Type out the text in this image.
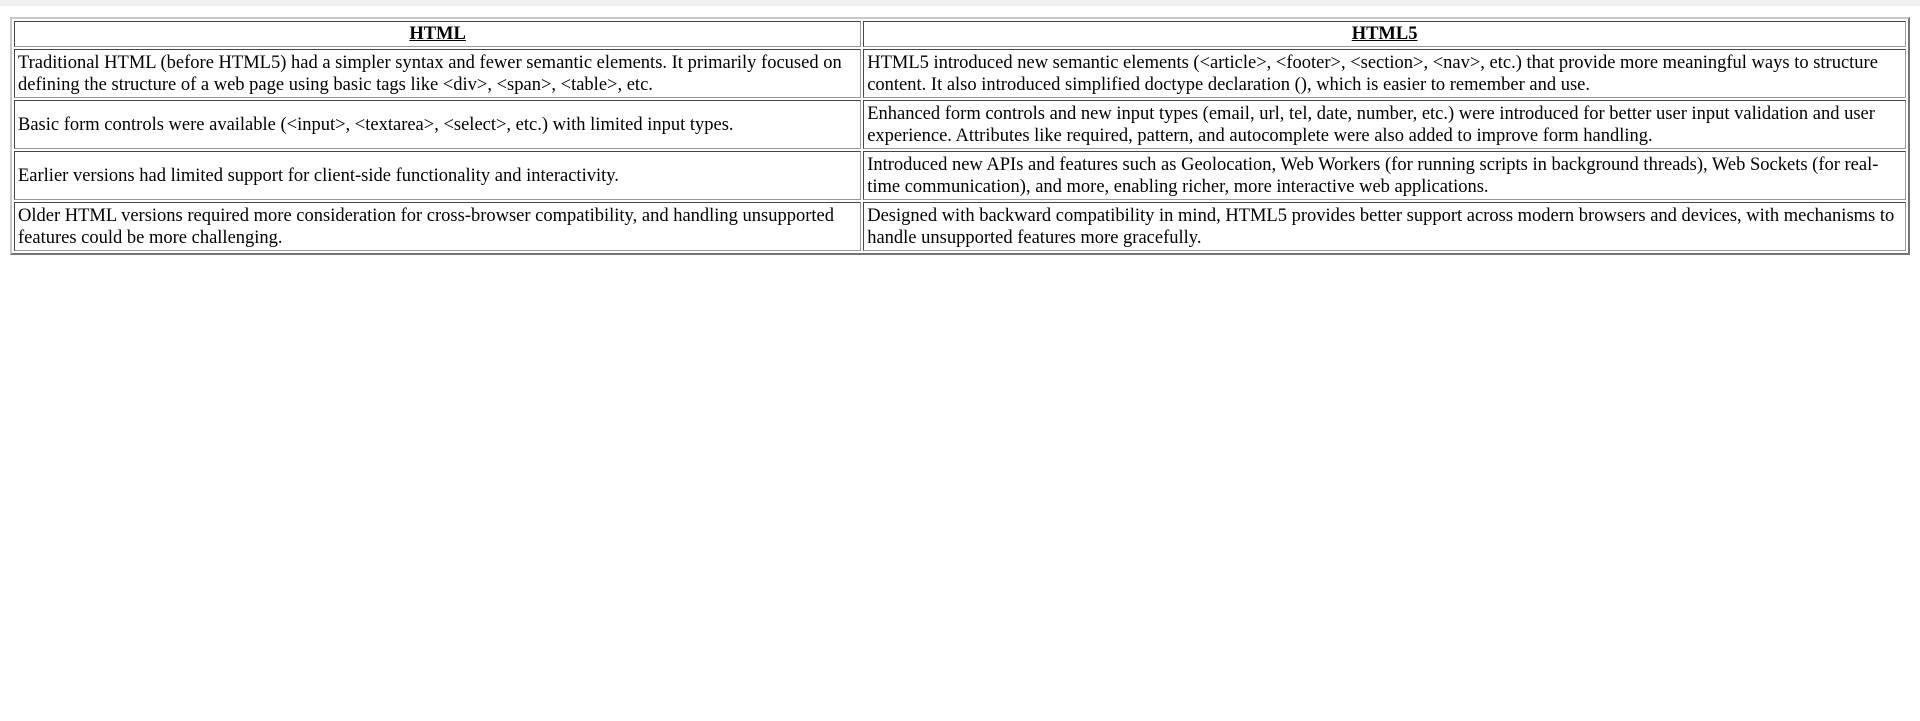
HTML	HTML5
Traditional HTML (before HTML5) had a simpler syntax and fewer semantic elements. It primarily focused on defining the structure of a web page using basic tags like <div>, <span>, <table>, etc.	HTML5 introduced new semantic elements (<article>, <footer>, <section>, <nav>, etc.) that provide more meaningful ways to structure content. It also introduced simplified doctype declaration (), which is easier to remember and use.
Basic form controls were available (<input>, <textarea>, <select>, etc.) with limited input types.	Enhanced form controls and new input types (email, url, tel, date, number, etc.) were introduced for better user input validation and user experience. Attributes like required, pattern, and autocomplete were also added to improve form handling.
Earlier versions had limited support for client-side functionality and interactivity.	Introduced new APIs and features such as Geolocation, Web Workers (for running scripts in background threads), Web Sockets (for real-time communication), and more, enabling richer, more interactive web applications.
Older HTML versions required more consideration for cross-browser compatibility, and handling unsupported features could be more challenging.	Designed with backward compatibility in mind, HTML5 provides better support across modern browsers and devices, with mechanisms to handle unsupported features more gracefully.
